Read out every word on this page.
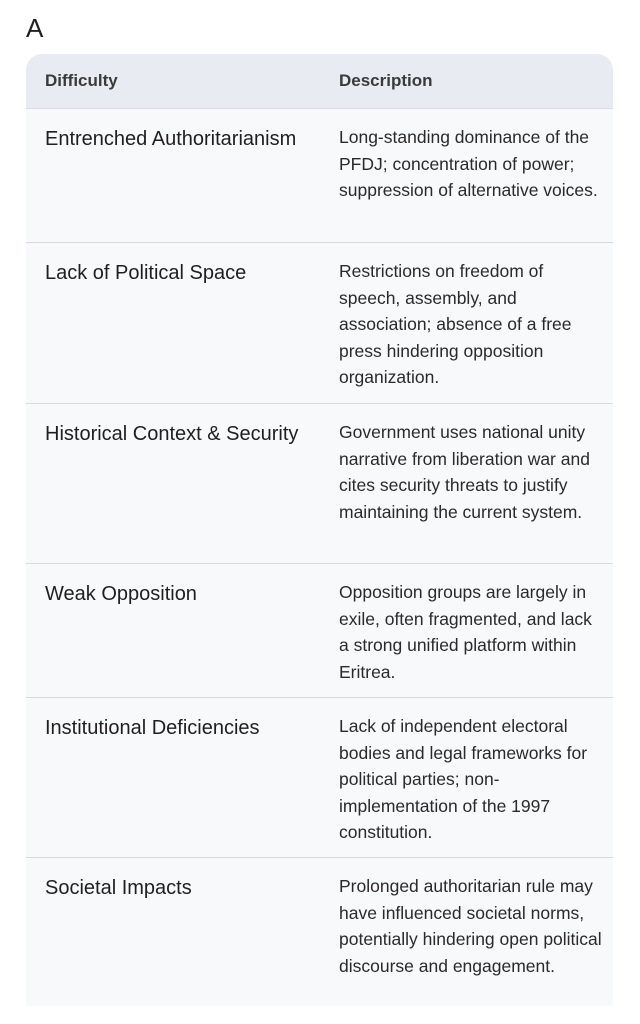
A
Difficulty	Description
Entrenched Authoritarianism	Long-standing dominance of the PFDJ; concentration of power; suppression of alternative voices.
Lack of Political Space	Restrictions on freedom of speech, assembly, and association; absence of a free press hindering opposition organization.
Historical Context & Security	Government uses national unity narrative from liberation war and cites security threats to justify maintaining the current system.
Weak Opposition	Opposition groups are largely in exile, often fragmented, and lack a strong unified platform within Eritrea.
Institutional Deficiencies	Lack of independent electoral bodies and legal frameworks for political parties; non-implementation of the 1997 constitution.
Societal Impacts	Prolonged authoritarian rule may have influenced societal norms, potentially hindering open political discourse and engagement.
